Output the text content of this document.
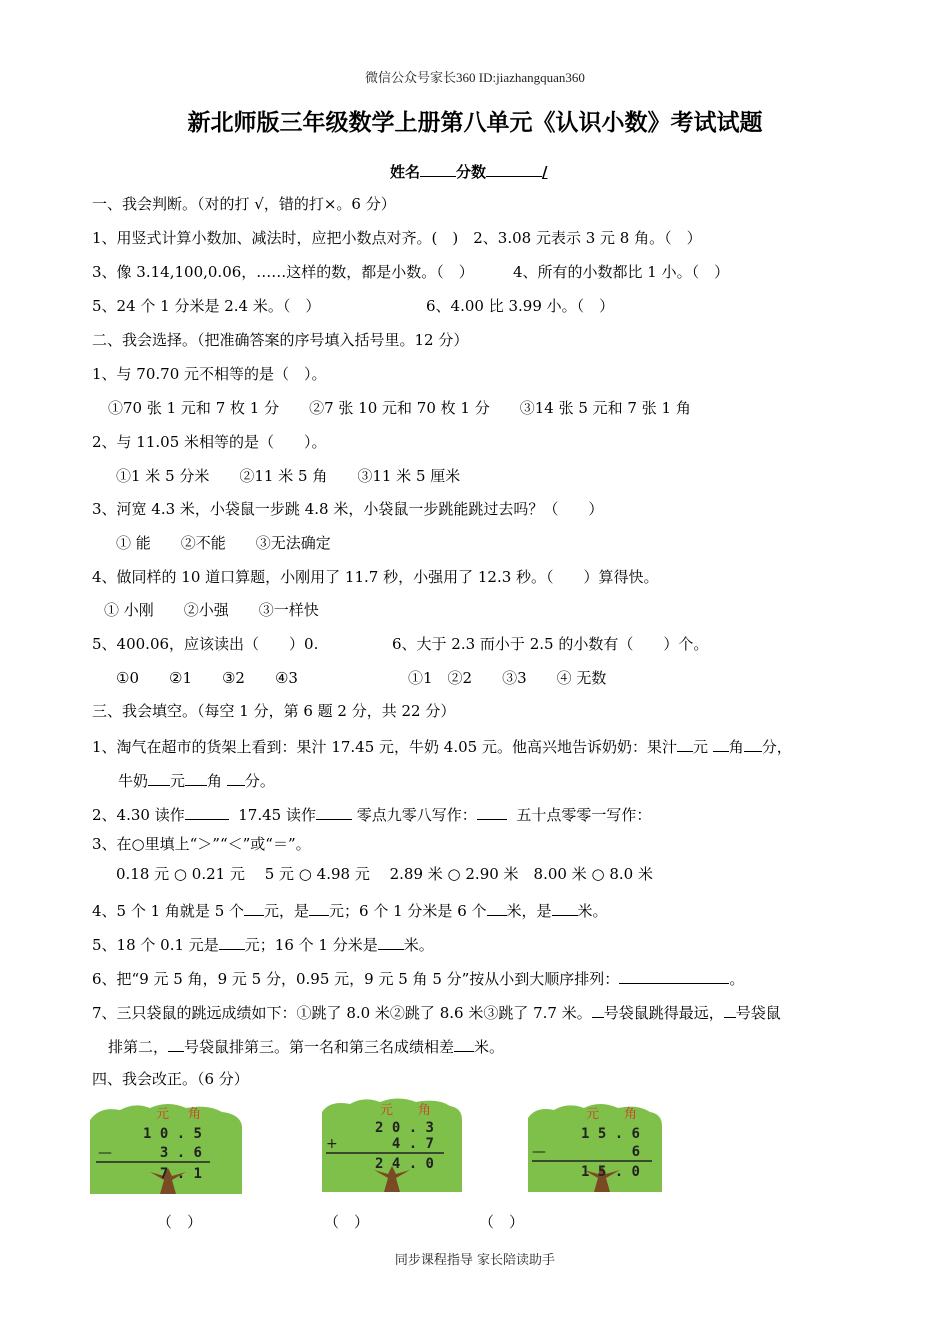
微信公众号家长360 ID:jiazhangquan360
新北师版三年级数学上册第八单元《认识小数》考试试题
姓名 分数	/
一、我会判断。（对的打 √，错的打×。6 分）
1、用竖式计算小数加、减法时，应把小数点对齐。(　)　2、3.08 元表示 3 元 8 角。（　）
3、像 3.14,100,0.06，……这样的数，都是小数。（　）	4、所有的小数都比 1 小。（　）
5、24 个 1 分米是 2.4 米。（　）	6、4.00 比 3.99 小。（　）
二、我会选择。（把准确答案的序号填入括号里。12 分）
1、与 70.70 元不相等的是（　）。
①70 张 1 元和 7 枚 1 分　　②7 张 10 元和 70 枚 1 分　　③14 张 5 元和 7 张 1 角
2、与 11.05 米相等的是（　　）。
①1 米 5 分米　　②11 米 5 角　　③11 米 5 厘米
3、河宽 4.3 米，小袋鼠一步跳 4.8 米，小袋鼠一步跳能跳过去吗？（　　）
① 能　　②不能　　③无法确定
4、做同样的 10 道口算题，小刚用了 11.7 秒，小强用了 12.3 秒。（　　）算得快。
① 小刚　　②小强　　③一样快
5、400.06，应该读出（　　）0.	6、大于 2.3 而小于 2.5 的小数有（　　）个。
①0　　②1　　③2　　④3	①1　②2　　③3　　④ 无数
三、我会填空。（每空 1 分，第 6 题 2 分，共 22 分）
1、淘气在超市的货架上看到：果汁 17.45 元，牛奶 4.05 元。他高兴地告诉奶奶：果汁 元 角 分，
牛奶 元 角 分。
2、4.30 读作	17.45 读作	零点九零八写作：	五十点零零一写作：
3、在○里填上“＞”“＜”或“＝”。
0.18 元 ○ 0.21 元　 5 元 ○ 4.98 元　 2.89 米 ○ 2.90 米　8.00 米 ○ 8.0 米
4、5 个 1 角就是 5 个 元，是 元；6 个 1 分米是 6 个 米，是 米。
5、18 个 0.1 元是 元；16 个 1 分米是 米。
6、把“9 元 5 角，9 元 5 分，0.95 元，9 元 5 角 5 分”按从小到大顺序排列：	。
7、三只袋鼠的跳远成绩如下：①跳了 8.0 米②跳了 8.6 米③跳了 7.7 米。 号袋鼠跳得最远， 号袋鼠
排第二， 号袋鼠排第三。第一名和第三名成绩相差 米。
四、我会改正。（6 分）
元 角
1 0 . 5
—	3 . 6
7 . 1
元 角
2 0 . 3
+	4 . 7
2 4 . 0
元 角
1 5 . 6
—	6
1 5 . 0
（　）	（　）	（　）
同步课程指导 家长陪读助手
